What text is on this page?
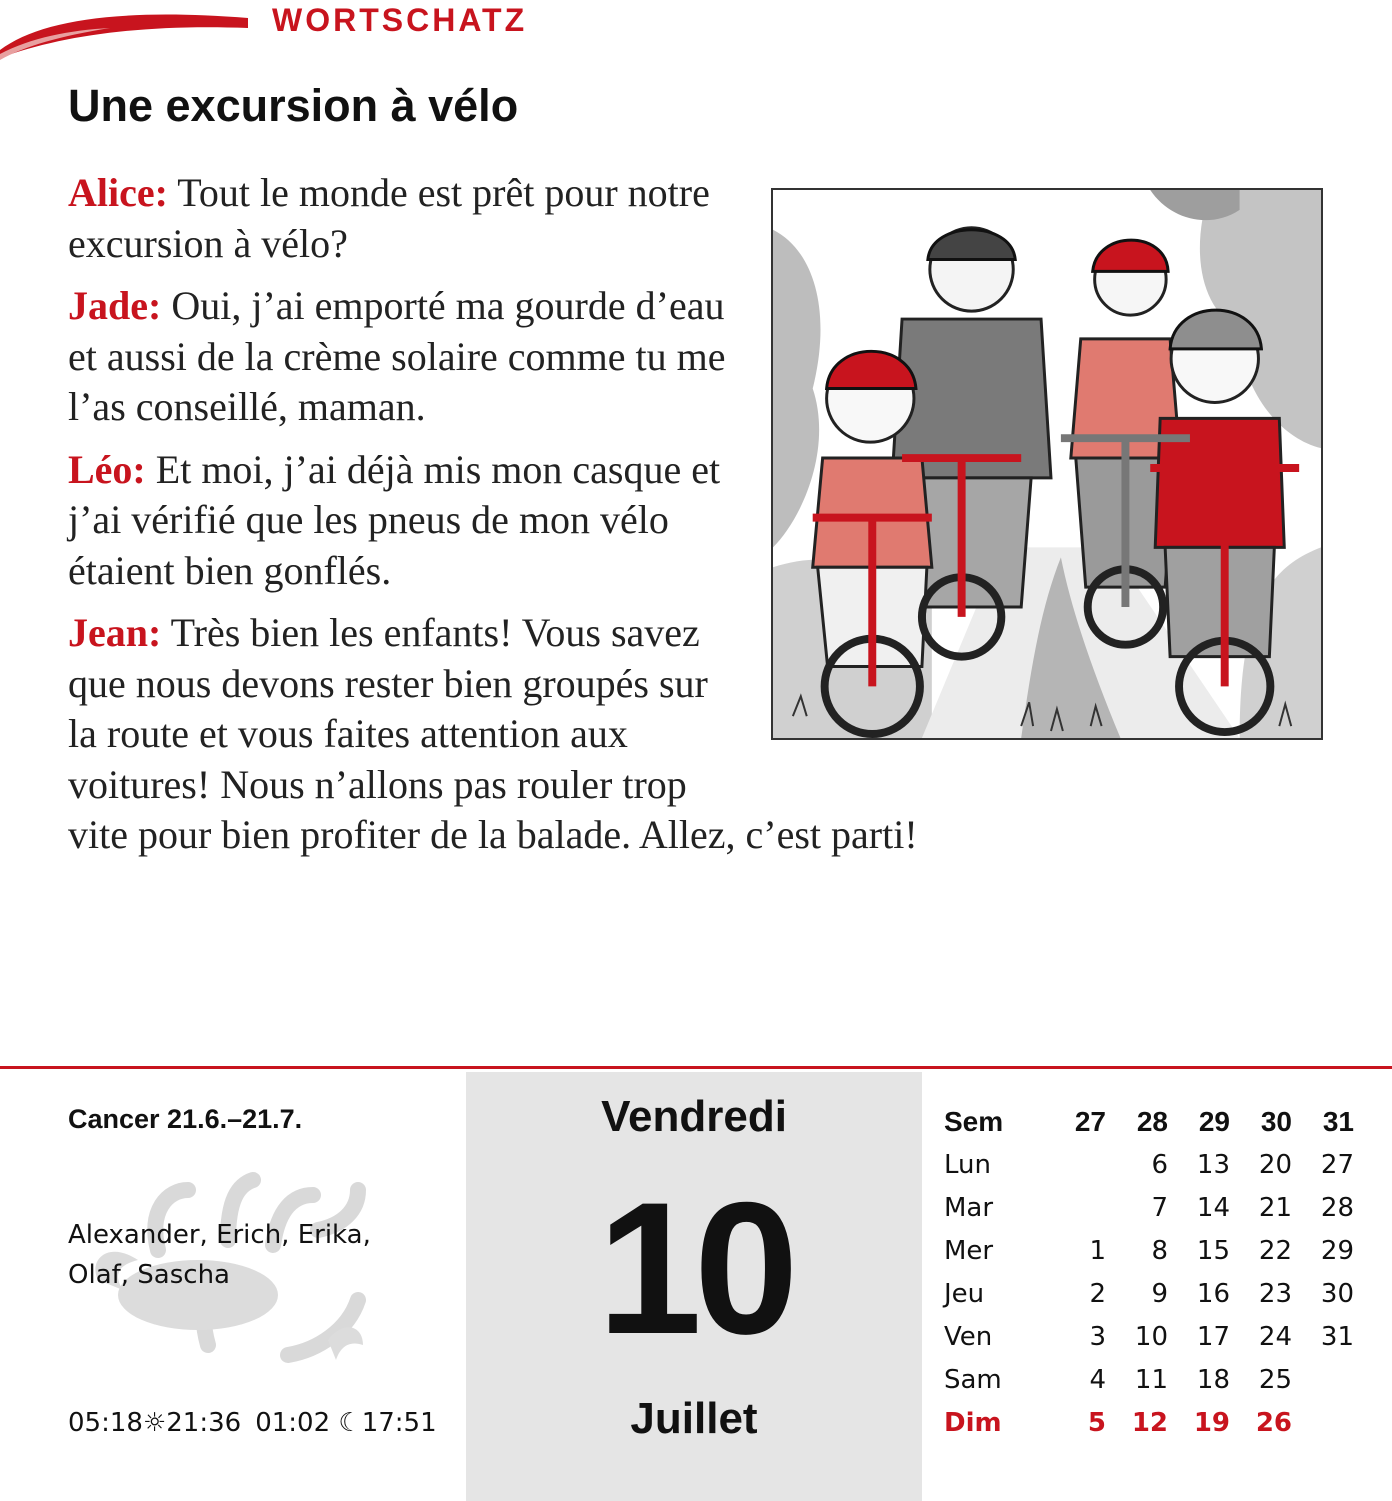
WORTSCHATZ
Une excursion à vélo

Alice: Tout le monde est prêt pour notre excursion à vélo?

Jade: Oui, j’ai emporté ma gourde d’eau et aussi de la crème solaire comme tu me l’as conseillé, maman.

Léo: Et moi, j’ai déjà mis mon casque et j’ai vérifié que les pneus de mon vélo étaient bien gonflés.

Jean: Très bien les enfants! Vous savez que nous devons rester bien groupés sur la route et vous faites attention aux voitures! Nous n’allons pas rouler trop vite pour bien profiter de la balade. Allez, c’est parti!

Cancer 21.6.–21.7.
Alexander, Erich, Erika, Olaf, Sascha
05:18☼21:36 01:02 ☾17:51
Vendredi
10
Juillet
Sem	27	28	29	30	31
Lun		6	13	20	27
Mar		7	14	21	28
Mer	1	8	15	22	29
Jeu	2	9	16	23	30
Ven	3	10	17	24	31
Sam	4	11	18	25	
Dim	5	12	19	26	
